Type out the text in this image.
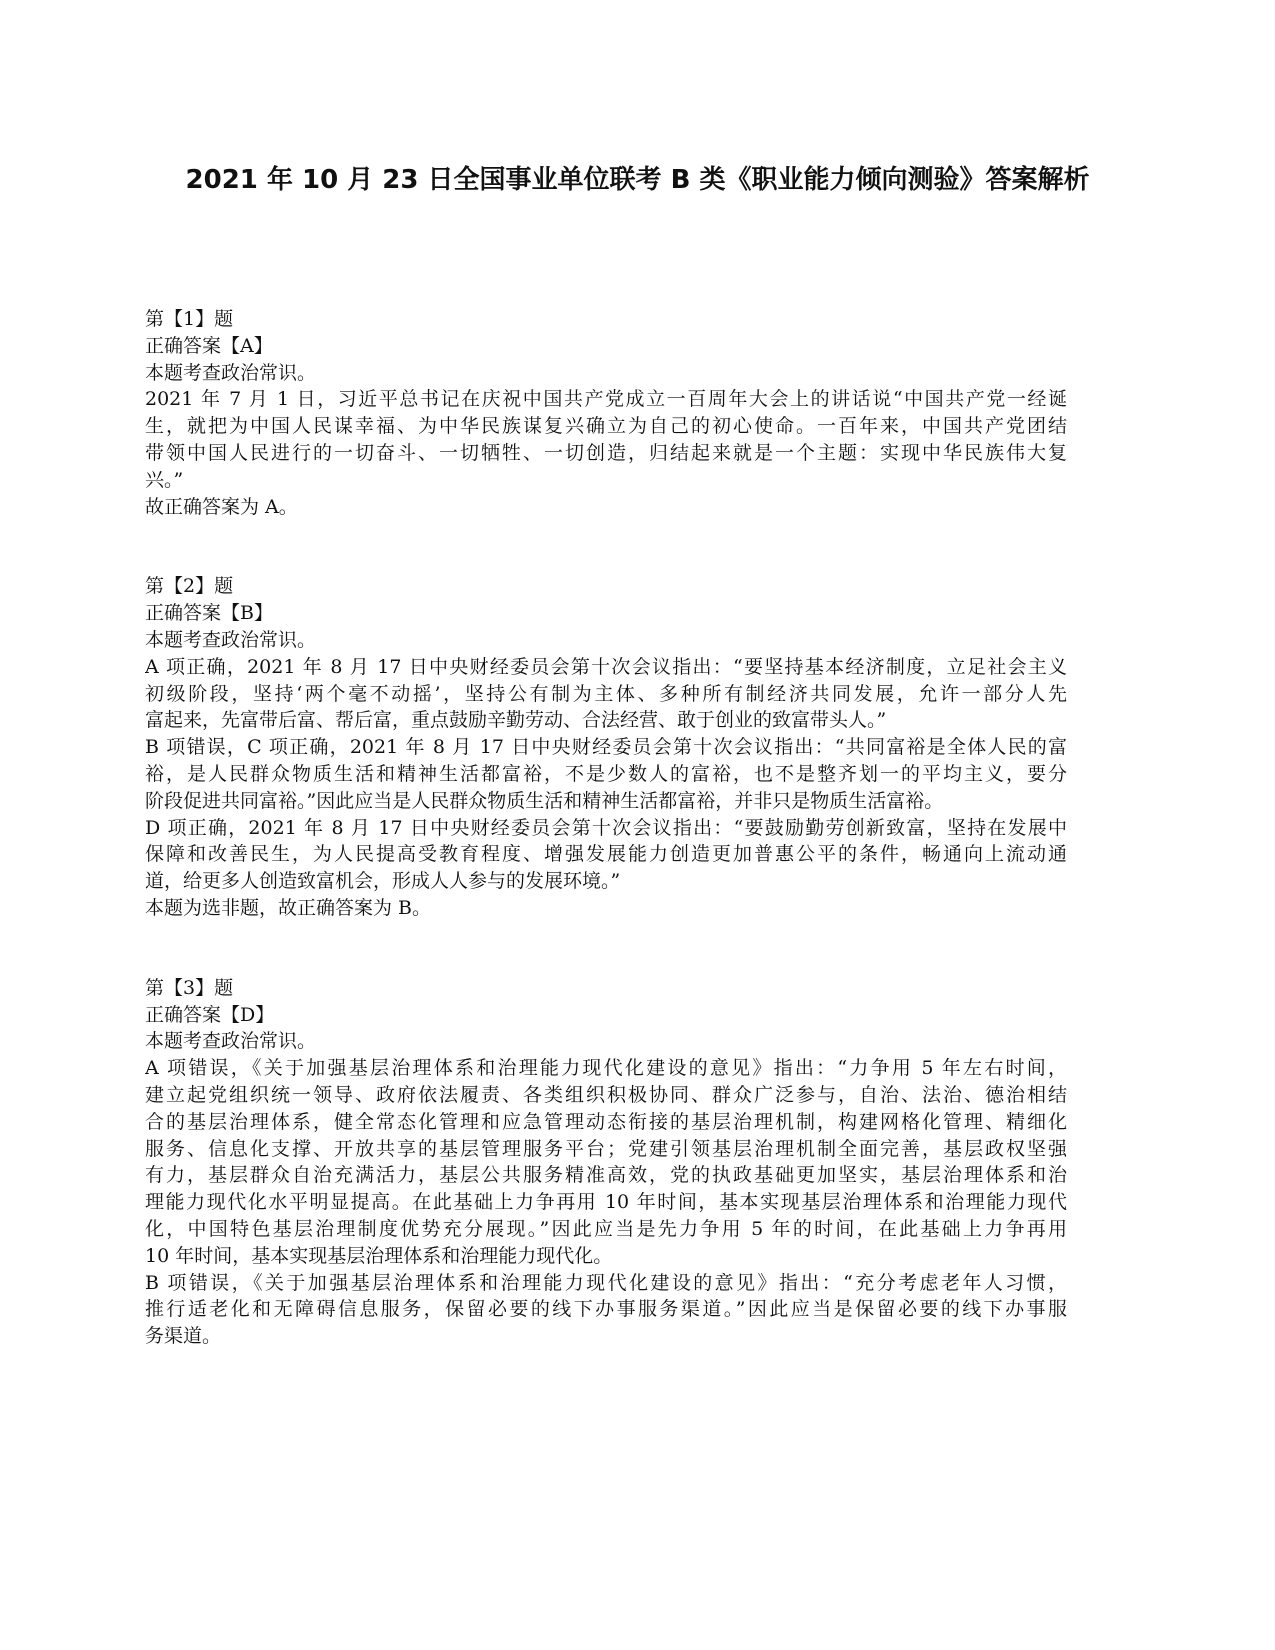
2021 年 10 月 23 日全国事业单位联考 B 类《职业能力倾向测验》答案解析
第【1】题
正确答案【A】
本题考查政治常识。
2021 年 7 月 1 日，习近平总书记在庆祝中国共产党成立一百周年大会上的讲话说“中国共产党一经诞
生，就把为中国人民谋幸福、为中华民族谋复兴确立为自己的初心使命。一百年来，中国共产党团结
带领中国人民进行的一切奋斗、一切牺牲、一切创造，归结起来就是一个主题：实现中华民族伟大复
兴。”
故正确答案为 A。
第【2】题
正确答案【B】
本题考查政治常识。
A 项正确，2021 年 8 月 17 日中央财经委员会第十次会议指出：“要坚持基本经济制度，立足社会主义
初级阶段，坚持‘两个毫不动摇’，坚持公有制为主体、多种所有制经济共同发展，允许一部分人先
富起来，先富带后富、帮后富，重点鼓励辛勤劳动、合法经营、敢于创业的致富带头人。”
B 项错误，C 项正确，2021 年 8 月 17 日中央财经委员会第十次会议指出：“共同富裕是全体人民的富
裕，是人民群众物质生活和精神生活都富裕，不是少数人的富裕，也不是整齐划一的平均主义，要分
阶段促进共同富裕。”因此应当是人民群众物质生活和精神生活都富裕，并非只是物质生活富裕。
D 项正确，2021 年 8 月 17 日中央财经委员会第十次会议指出：“要鼓励勤劳创新致富，坚持在发展中
保障和改善民生，为人民提高受教育程度、增强发展能力创造更加普惠公平的条件，畅通向上流动通
道，给更多人创造致富机会，形成人人参与的发展环境。”
本题为选非题，故正确答案为 B。
第【3】题
正确答案【D】
本题考查政治常识。
A 项错误，《关于加强基层治理体系和治理能力现代化建设的意见》指出：“力争用 5 年左右时间，
建立起党组织统一领导、政府依法履责、各类组织积极协同、群众广泛参与，自治、法治、德治相结
合的基层治理体系，健全常态化管理和应急管理动态衔接的基层治理机制，构建网格化管理、精细化
服务、信息化支撑、开放共享的基层管理服务平台；党建引领基层治理机制全面完善，基层政权坚强
有力，基层群众自治充满活力，基层公共服务精准高效，党的执政基础更加坚实，基层治理体系和治
理能力现代化水平明显提高。在此基础上力争再用 10 年时间，基本实现基层治理体系和治理能力现代
化，中国特色基层治理制度优势充分展现。”因此应当是先力争用 5 年的时间，在此基础上力争再用
10 年时间，基本实现基层治理体系和治理能力现代化。
B 项错误，《关于加强基层治理体系和治理能力现代化建设的意见》指出：“充分考虑老年人习惯，
推行适老化和无障碍信息服务，保留必要的线下办事服务渠道。”因此应当是保留必要的线下办事服
务渠道。
